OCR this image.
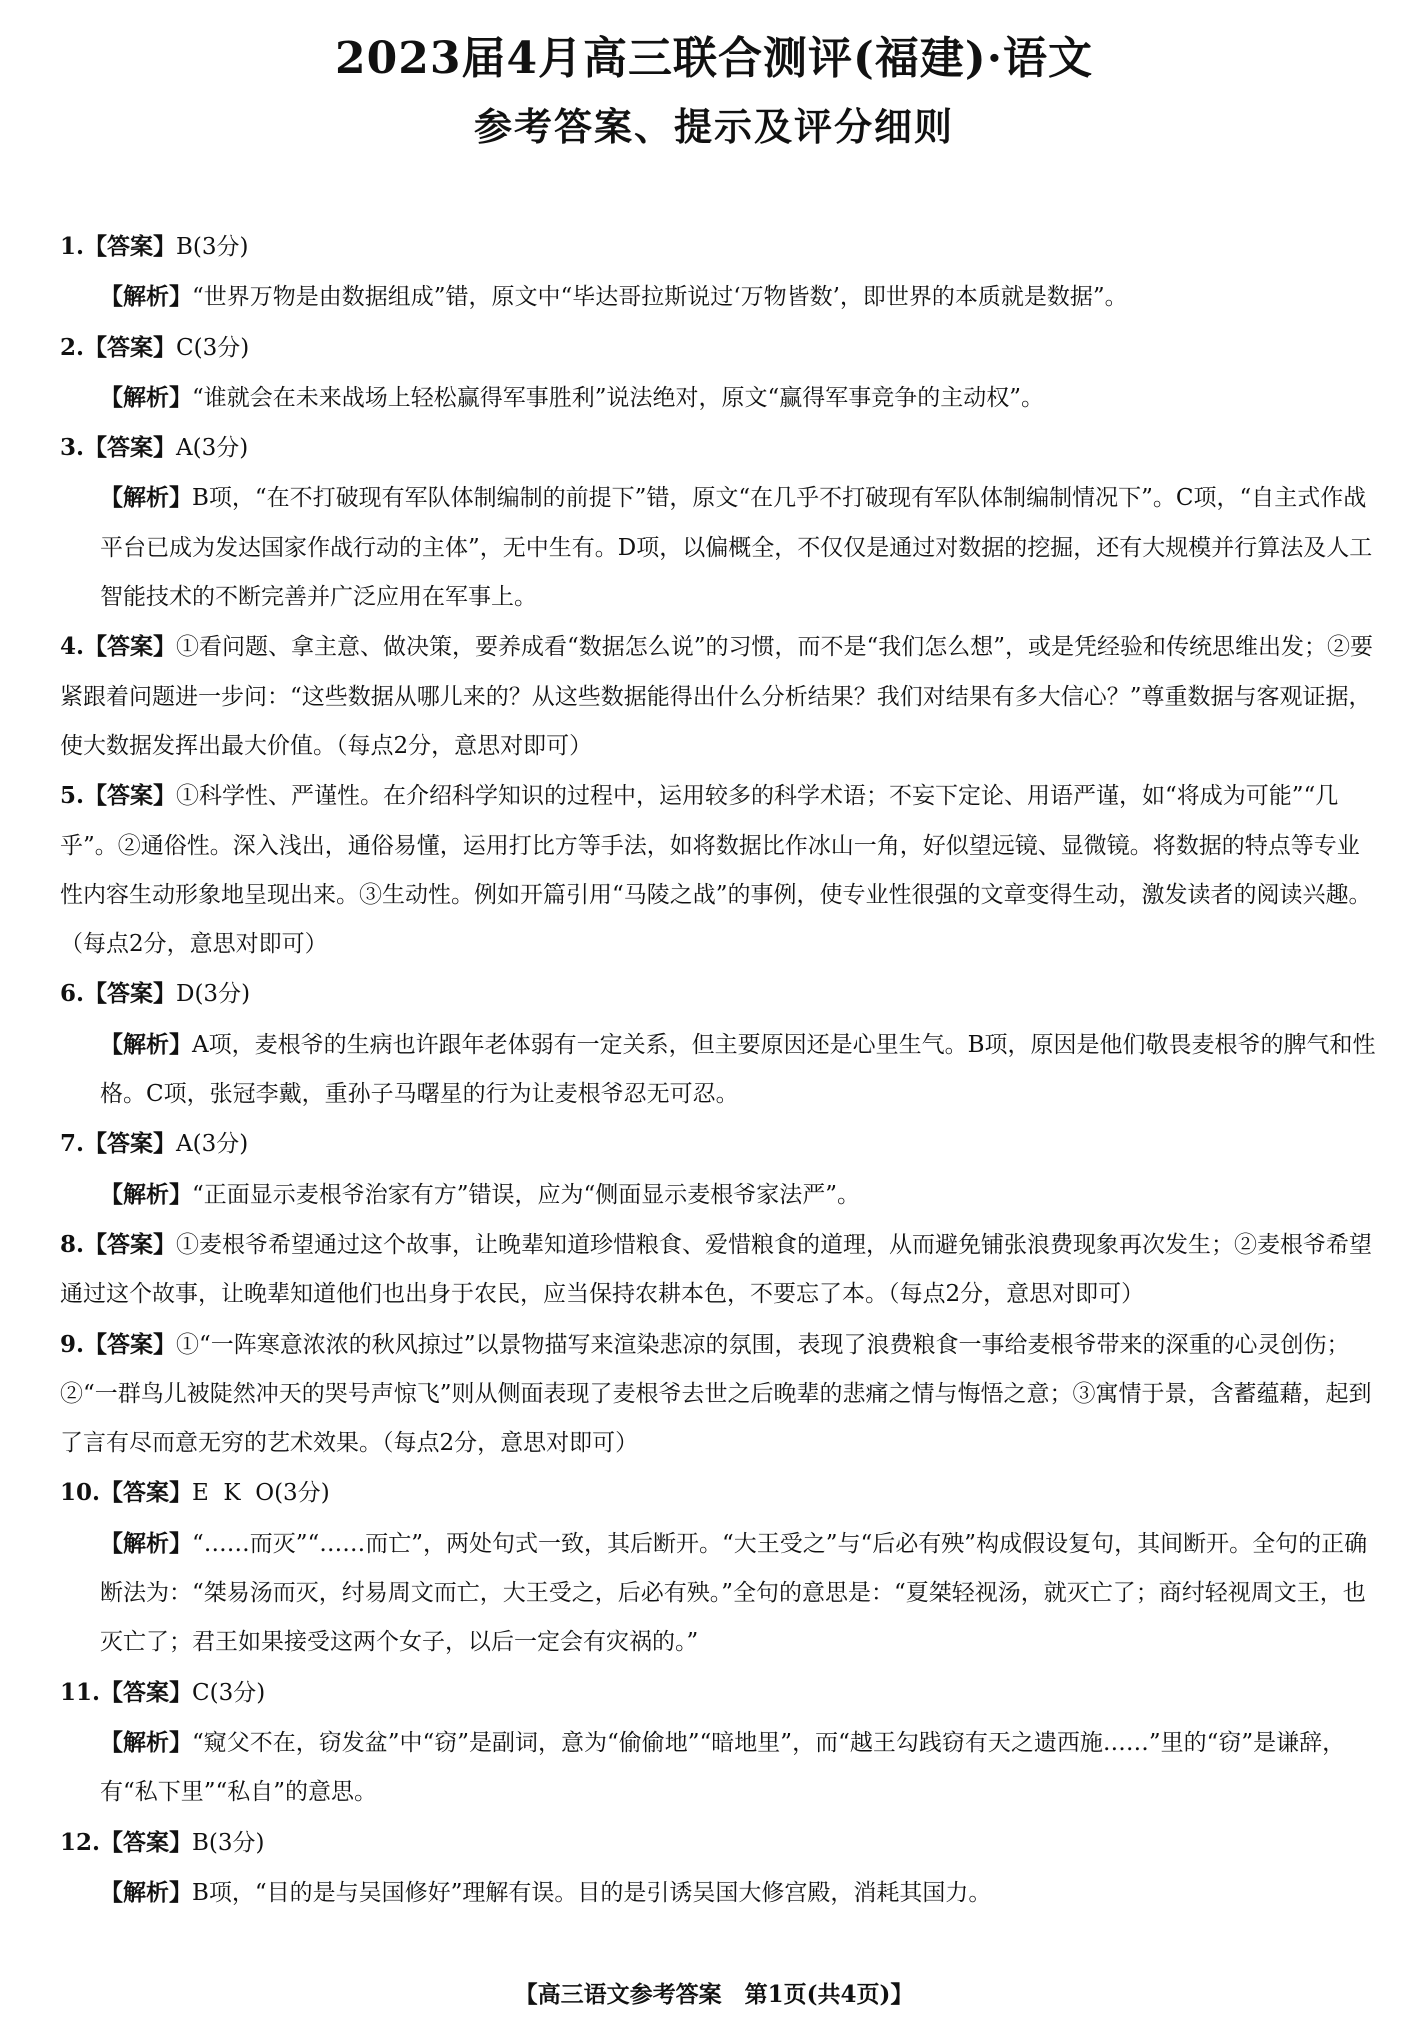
2023届4月高三联合测评(福建)·语文
参考答案、提示及评分细则
1.【答案】B(3分)
【解析】“世界万物是由数据组成”错，原文中“毕达哥拉斯说过‘万物皆数’，即世界的本质就是数据”。
2.【答案】C(3分)
【解析】“谁就会在未来战场上轻松赢得军事胜利”说法绝对，原文“赢得军事竞争的主动权”。
3.【答案】A(3分)
【解析】B项，“在不打破现有军队体制编制的前提下”错，原文“在几乎不打破现有军队体制编制情况下”。C项，“自主式作战平台已成为发达国家作战行动的主体”，无中生有。D项，以偏概全，不仅仅是通过对数据的挖掘，还有大规模并行算法及人工智能技术的不断完善并广泛应用在军事上。
4.【答案】①看问题、拿主意、做决策，要养成看“数据怎么说”的习惯，而不是“我们怎么想”，或是凭经验和传统思维出发；②要紧跟着问题进一步问：“这些数据从哪儿来的？从这些数据能得出什么分析结果？我们对结果有多大信心？”尊重数据与客观证据，使大数据发挥出最大价值。（每点2分，意思对即可）
5.【答案】①科学性、严谨性。在介绍科学知识的过程中，运用较多的科学术语；不妄下定论、用语严谨，如“将成为可能”“几乎”。②通俗性。深入浅出，通俗易懂，运用打比方等手法，如将数据比作冰山一角，好似望远镜、显微镜。将数据的特点等专业性内容生动形象地呈现出来。③生动性。例如开篇引用“马陵之战”的事例，使专业性很强的文章变得生动，激发读者的阅读兴趣。（每点2分，意思对即可）
6.【答案】D(3分)
【解析】A项，麦根爷的生病也许跟年老体弱有一定关系，但主要原因还是心里生气。B项，原因是他们敬畏麦根爷的脾气和性格。C项，张冠李戴，重孙子马曙星的行为让麦根爷忍无可忍。
7.【答案】A(3分)
【解析】“正面显示麦根爷治家有方”错误，应为“侧面显示麦根爷家法严”。
8.【答案】①麦根爷希望通过这个故事，让晚辈知道珍惜粮食、爱惜粮食的道理，从而避免铺张浪费现象再次发生；②麦根爷希望通过这个故事，让晚辈知道他们也出身于农民，应当保持农耕本色，不要忘了本。（每点2分，意思对即可）
9.【答案】①“一阵寒意浓浓的秋风掠过”以景物描写来渲染悲凉的氛围，表现了浪费粮食一事给麦根爷带来的深重的心灵创伤；②“一群鸟儿被陡然冲天的哭号声惊飞”则从侧面表现了麦根爷去世之后晚辈的悲痛之情与悔悟之意；③寓情于景，含蓄蕴藉，起到了言有尽而意无穷的艺术效果。（每点2分，意思对即可）
10.【答案】E  K  O(3分)
【解析】“……而灭”“……而亡”，两处句式一致，其后断开。“大王受之”与“后必有殃”构成假设复句，其间断开。全句的正确断法为：“桀易汤而灭，纣易周文而亡，大王受之，后必有殃。”全句的意思是：“夏桀轻视汤，就灭亡了；商纣轻视周文王，也灭亡了；君王如果接受这两个女子，以后一定会有灾祸的。”
11.【答案】C(3分)
【解析】“窥父不在，窃发盆”中“窃”是副词，意为“偷偷地”“暗地里”，而“越王勾践窃有天之遗西施……”里的“窃”是谦辞，有“私下里”“私自”的意思。
12.【答案】B(3分)
【解析】B项，“目的是与吴国修好”理解有误。目的是引诱吴国大修宫殿，消耗其国力。
【高三语文参考答案　第1页(共4页)】
